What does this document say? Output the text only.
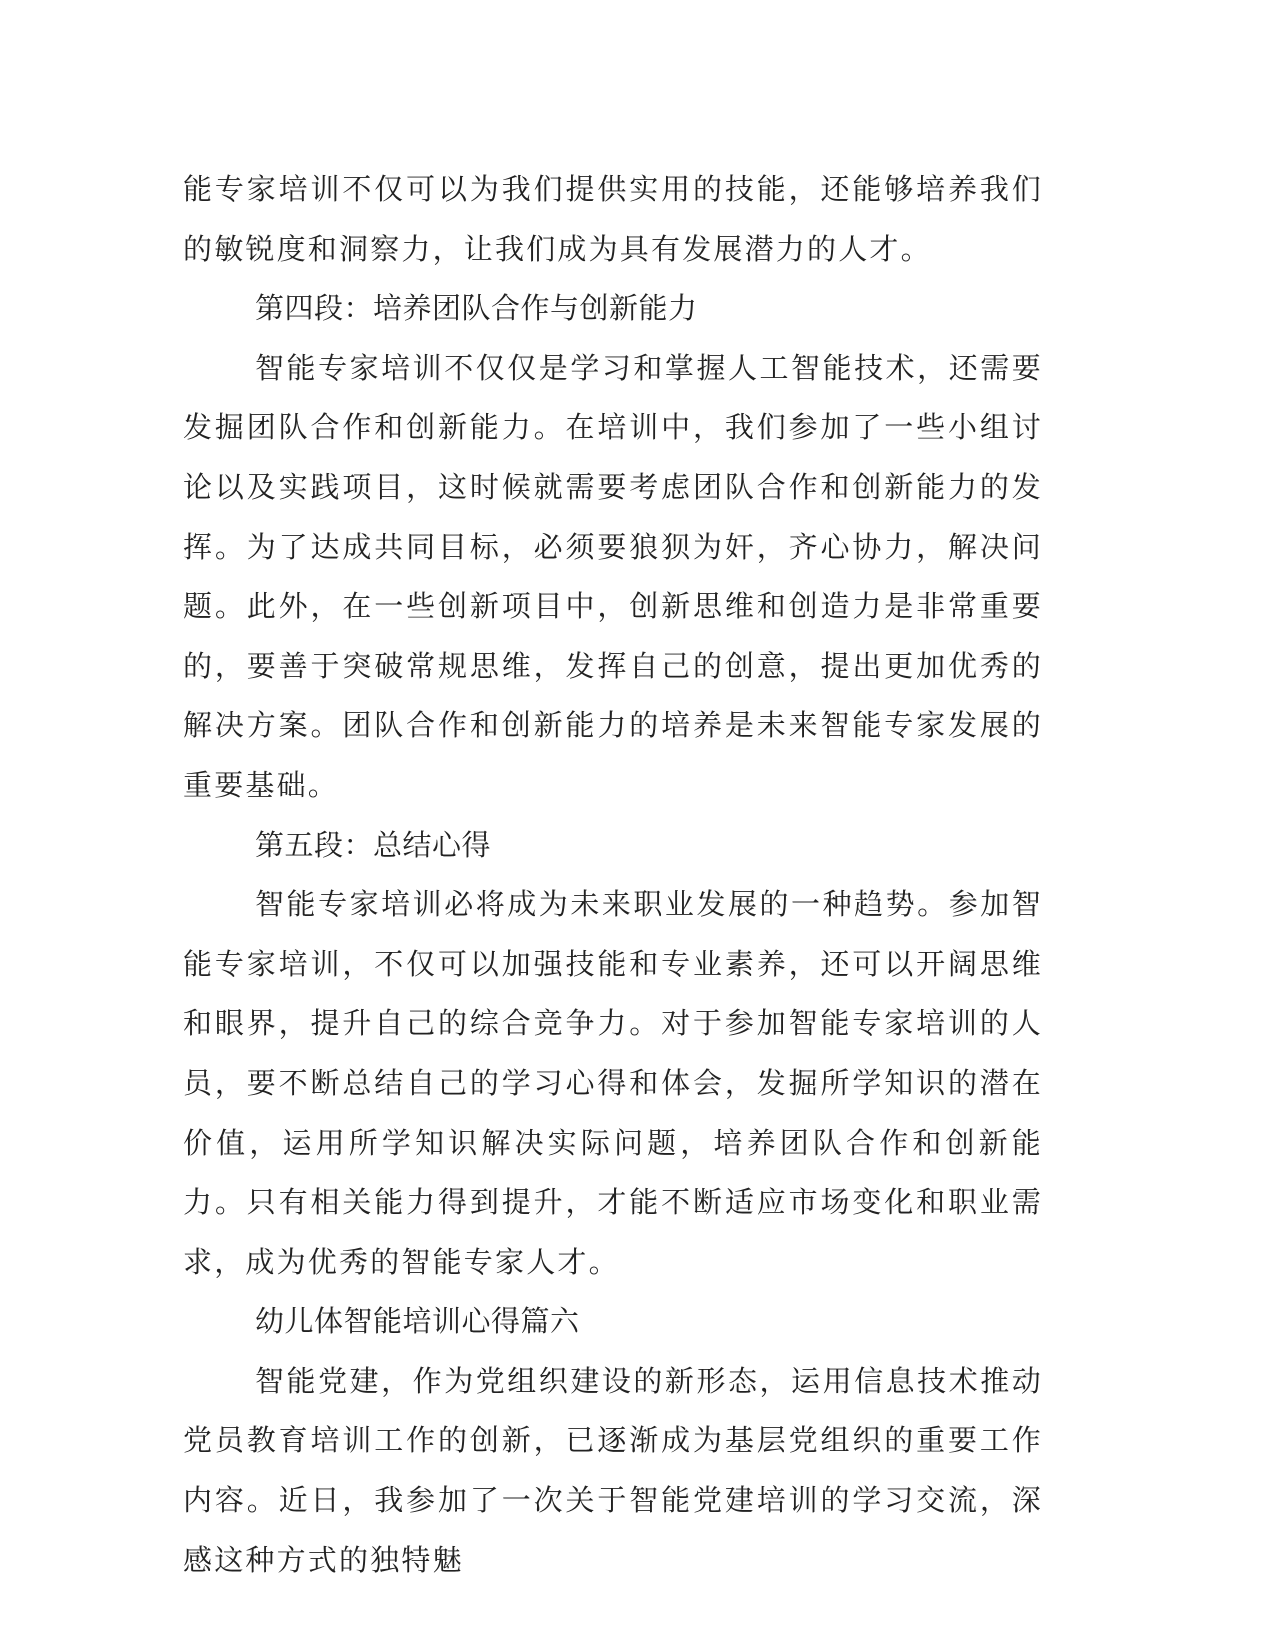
能专家培训不仅可以为我们提供实用的技能，还能够培养我们的敏锐度和洞察力，让我们成为具有发展潜力的人才。

第四段：培养团队合作与创新能力

智能专家培训不仅仅是学习和掌握人工智能技术，还需要发掘团队合作和创新能力。在培训中，我们参加了一些小组讨论以及实践项目，这时候就需要考虑团队合作和创新能力的发挥。为了达成共同目标，必须要狼狈为奸，齐心协力，解决问题。此外，在一些创新项目中，创新思维和创造力是非常重要的，要善于突破常规思维，发挥自己的创意，提出更加优秀的解决方案。团队合作和创新能力的培养是未来智能专家发展的重要基础。

第五段：总结心得

智能专家培训必将成为未来职业发展的一种趋势。参加智能专家培训，不仅可以加强技能和专业素养，还可以开阔思维和眼界，提升自己的综合竞争力。对于参加智能专家培训的人员，要不断总结自己的学习心得和体会，发掘所学知识的潜在价值，运用所学知识解决实际问题，培养团队合作和创新能力。只有相关能力得到提升，才能不断适应市场变化和职业需求，成为优秀的智能专家人才。

幼儿体智能培训心得篇六

智能党建，作为党组织建设的新形态，运用信息技术推动党员教育培训工作的创新，已逐渐成为基层党组织的重要工作内容。近日，我参加了一次关于智能党建培训的学习交流，深感这种方式的独特魅
